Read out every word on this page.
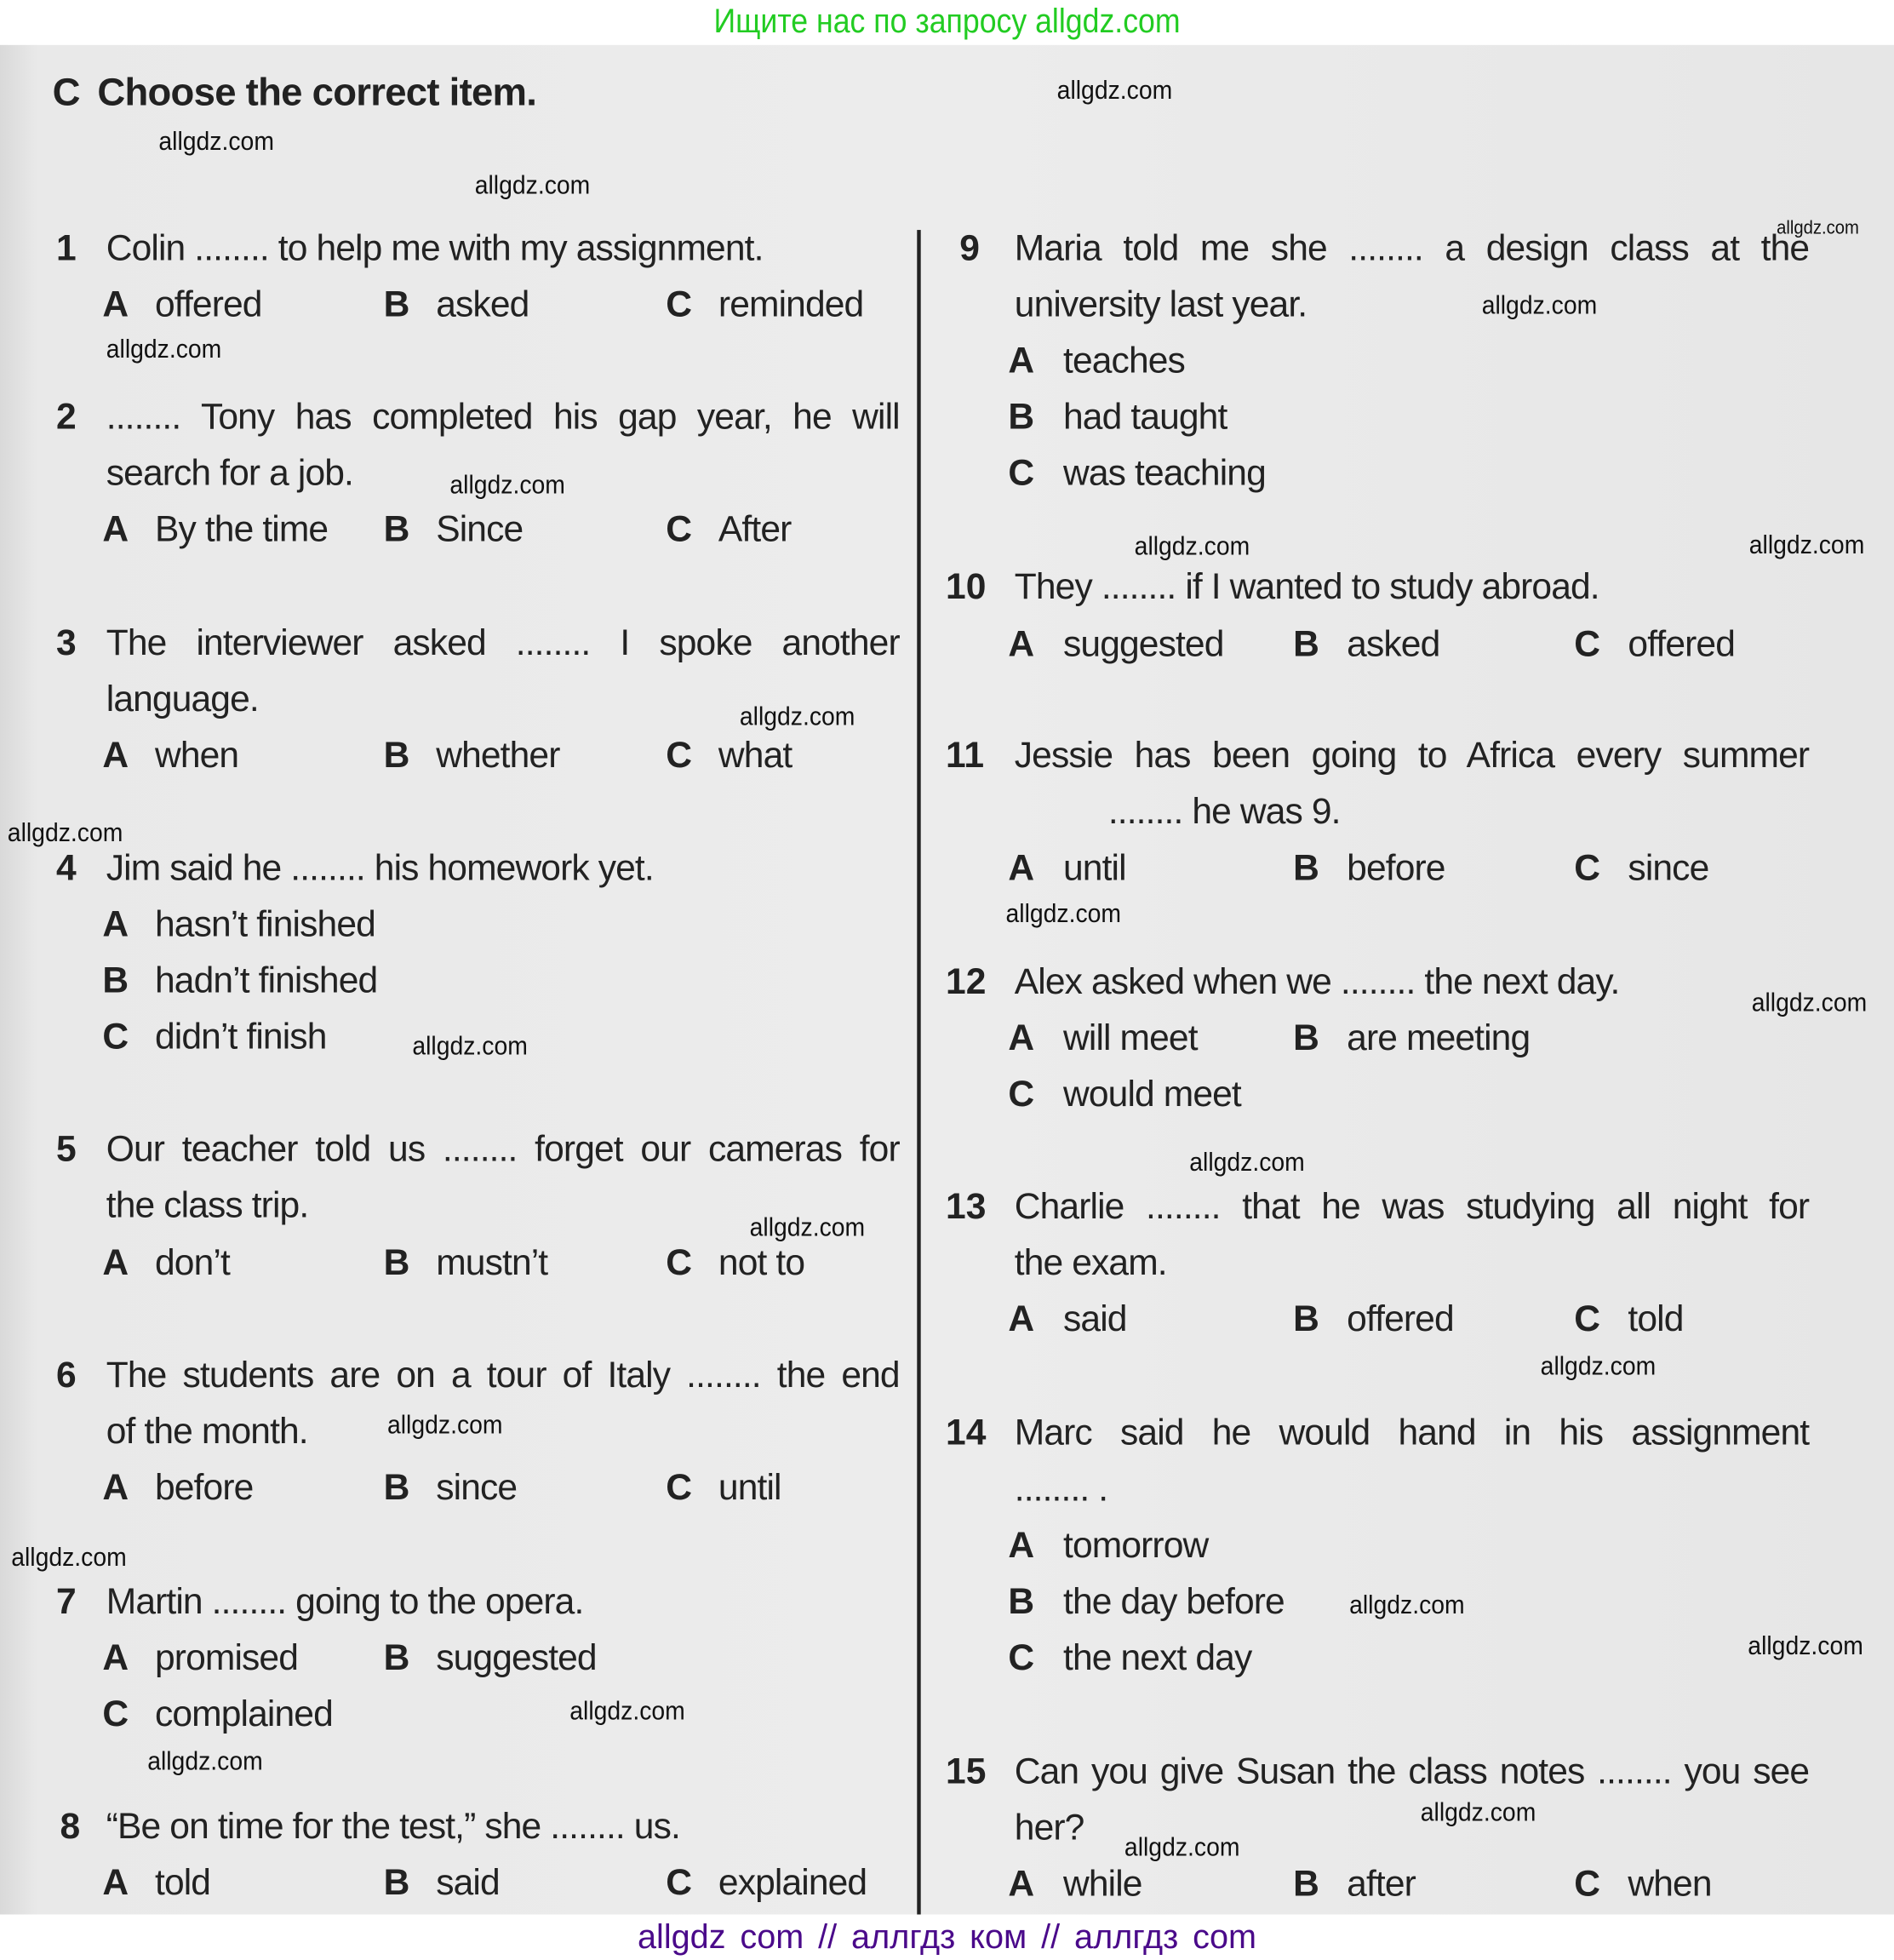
Ищите нас по запросу allgdz.com
C Choose the correct item.
1 Colin ........ to help me with my assignment.
A offered	B asked	C reminded
2 ........ Tony has completed his gap year, he will
search for a job.
A By the time B Since	C After
3 The interviewer asked ........ I spoke another
language.
A when	B whether	C what
4 Jim said he ........ his homework yet.
A hasn’t finished
B hadn’t finished
C didn’t finish
5 Our teacher told us ........ forget our cameras for
the class trip.
A don’t	B mustn’t	C not to
6 The students are on a tour of Italy ........ the end
of the month.
A before	B since	C until
7 Martin ........ going to the opera.
A promised	B suggested
C complained
8 “Be on time for the test,” she ........ us.
A told	B said	C explained
9 Maria told me she ........ a design class at the
university last year.
A teaches
B had taught
C was teaching
10 They ........ if I wanted to study abroad.
A suggested	B asked	C offered
11 Jessie has been going to Africa every summer
........ he was 9.
A until	B before	C since
12 Alex asked when we ........ the next day.
A will meet	B are meeting
C would meet
13 Charlie ........ that he was studying all night for
the exam.
A said	B offered	C told
14 Marc said he would hand in his assignment
........ .
A tomorrow
B the day before
C the next day
15 Can you give Susan the class notes ........ you see
her?
A while	B after	C when
allgdz.com
allgdz.com
allgdz.com
allgdz.com
allgdz.com
allgdz.com
allgdz.com
allgdz.com	allgdz.com
allgdz.com
allgdz.com
allgdz.com
allgdz.com
allgdz.com
allgdz.com
allgdz.com
allgdz.com
allgdz.com
allgdz.com
allgdz.com
allgdz.com
allgdz.com
allgdz.com
allgdz.com
allgdz.com
allgdz com // аллгдз ком // аллгдз com
